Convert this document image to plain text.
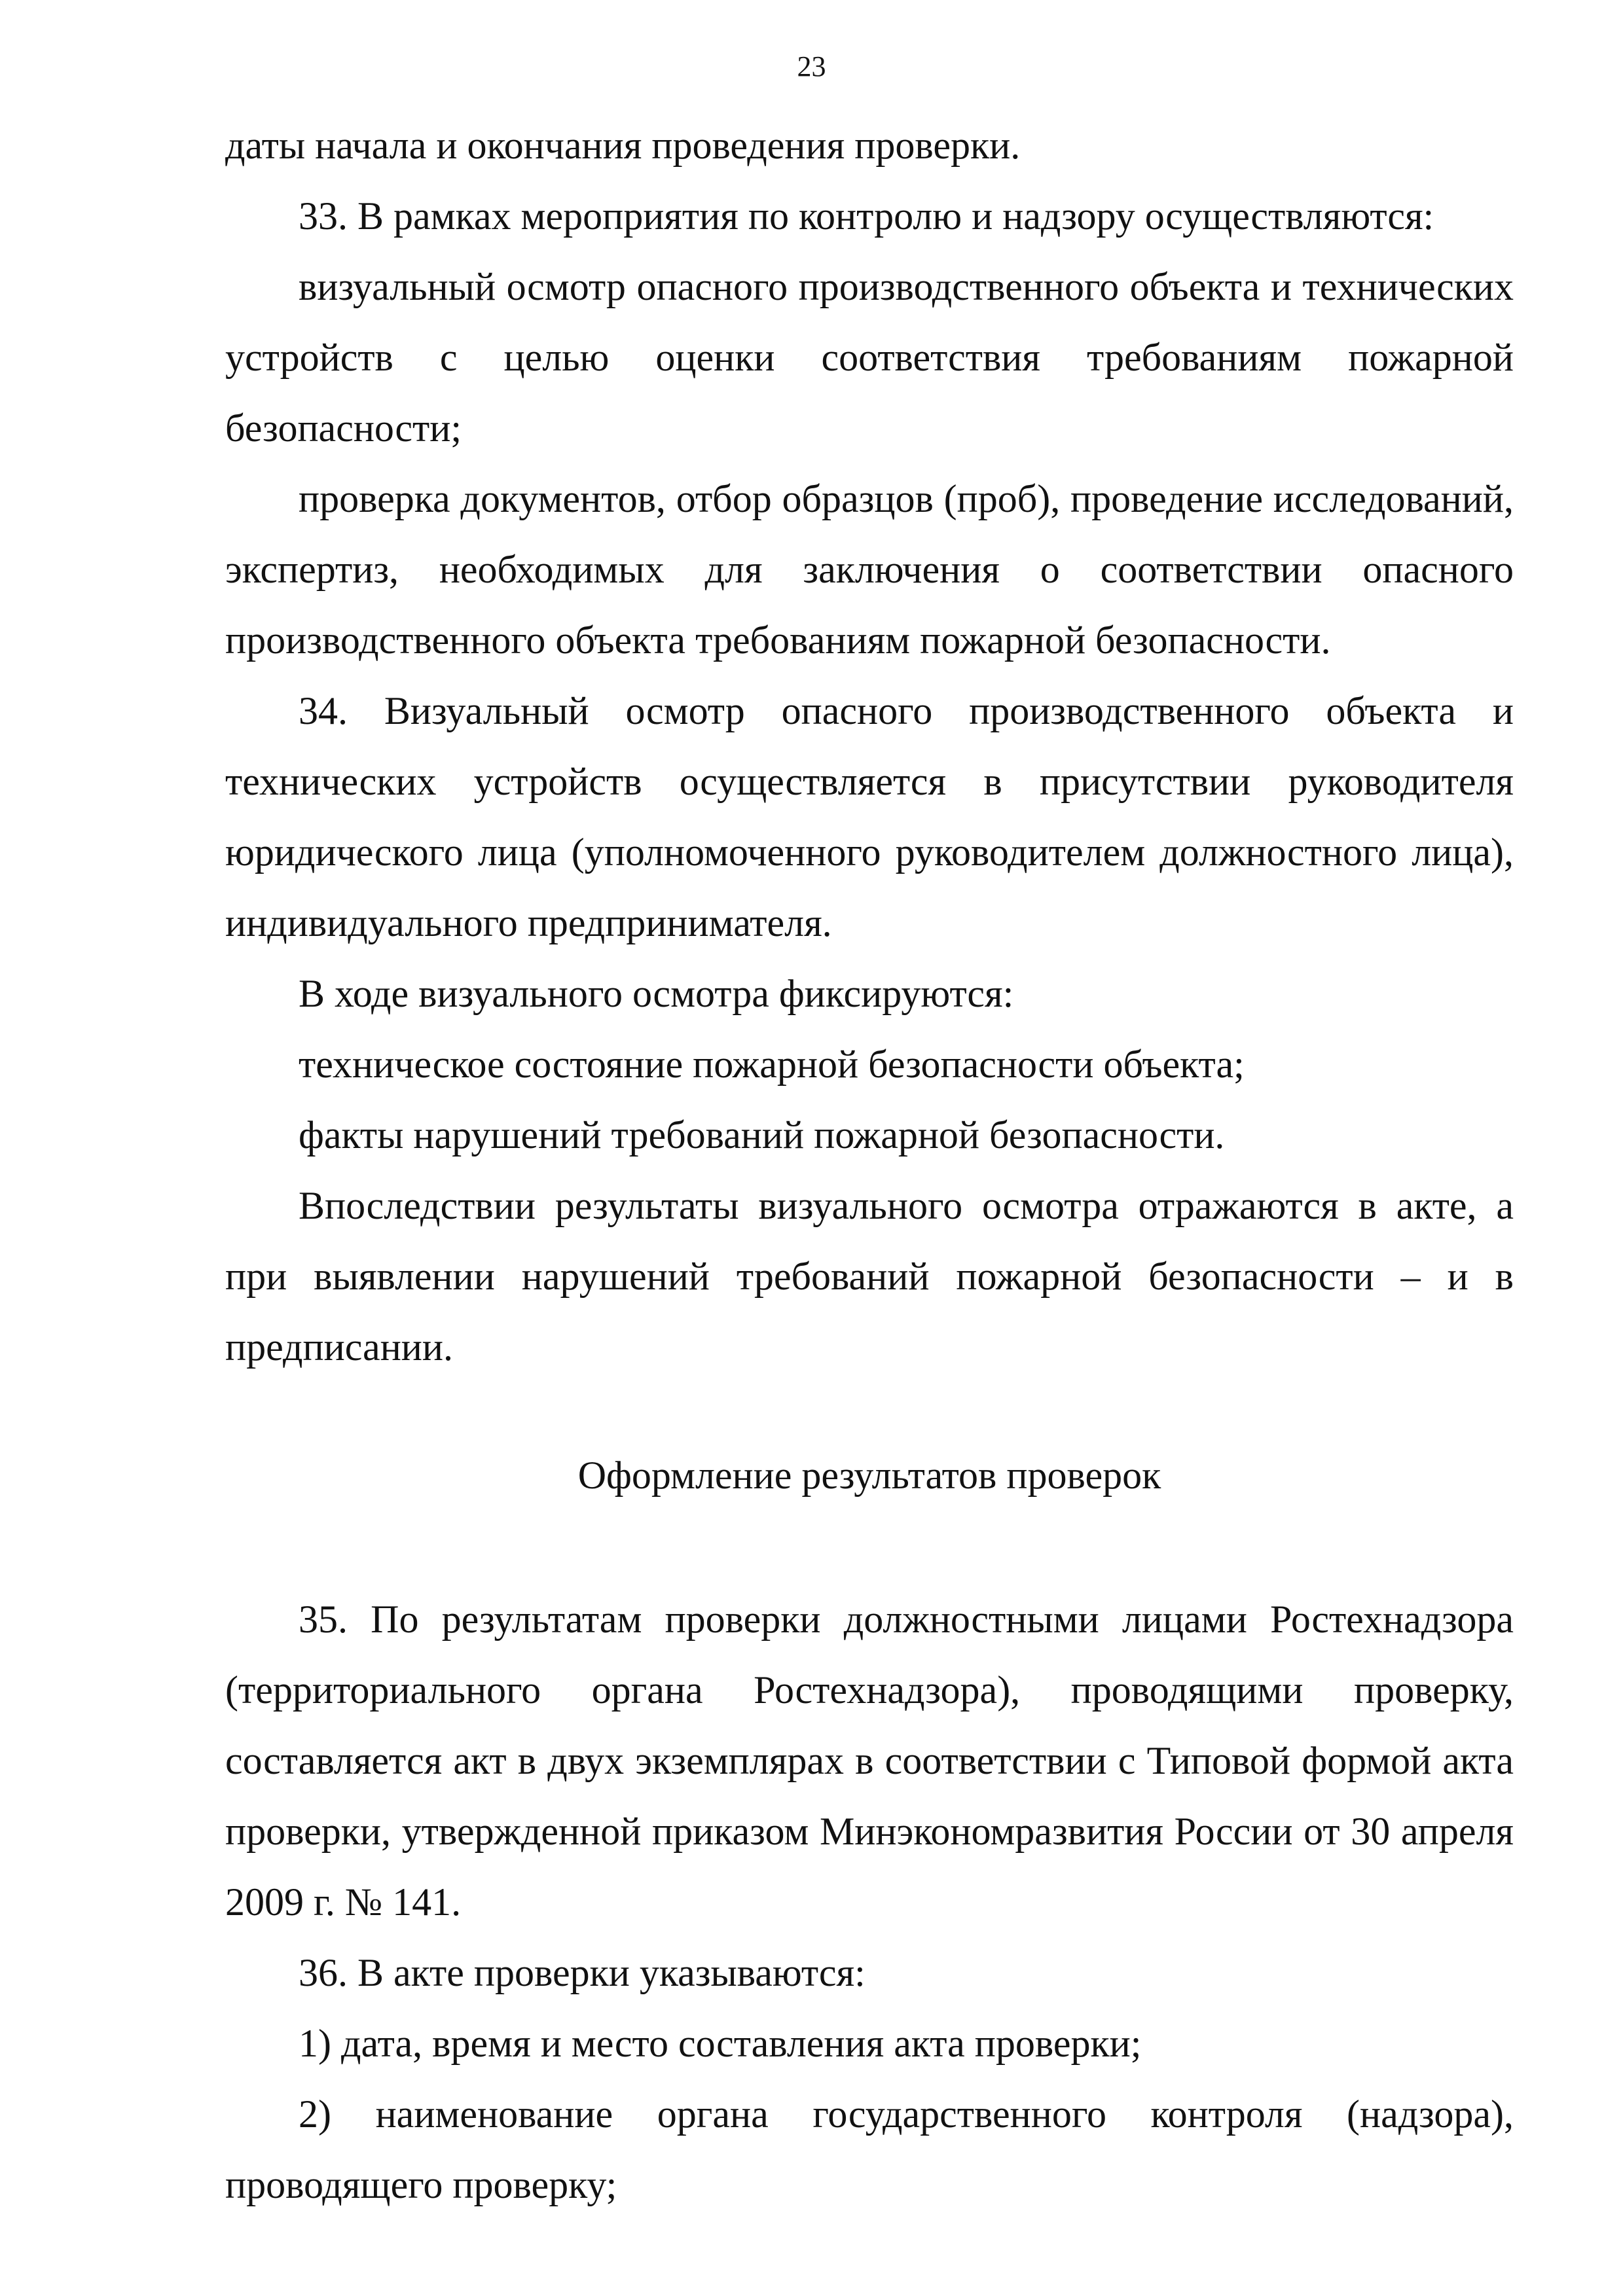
23

даты начала и окончания проведения проверки.

33. В рамках мероприятия по контролю и надзору осуществляются:

визуальный осмотр опасного производственного объекта и технических устройств с целью оценки соответствия требованиям пожарной безопасности;

проверка документов, отбор образцов (проб), проведение исследований, экспертиз, необходимых для заключения о соответствии опасного производственного объекта требованиям пожарной безопасности.

34. Визуальный осмотр опасного производственного объекта и технических устройств осуществляется в присутствии руководителя юридического лица (уполномоченного руководителем должностного лица), индивидуального предпринимателя.

В ходе визуального осмотра фиксируются:

техническое состояние пожарной безопасности объекта;

факты нарушений требований пожарной безопасности.

Впоследствии результаты визуального осмотра отражаются в акте, а при выявлении нарушений требований пожарной безопасности – и в предписании.

Оформление результатов проверок

35. По результатам проверки должностными лицами Ростехнадзора (территориального органа Ростехнадзора), проводящими проверку, составляется акт в двух экземплярах в соответствии с Типовой формой акта проверки, утвержденной приказом Минэкономразвития России от 30 апреля 2009 г. № 141.

36. В акте проверки указываются:

1) дата, время и место составления акта проверки;

2) наименование органа государственного контроля (надзора), проводящего проверку;
